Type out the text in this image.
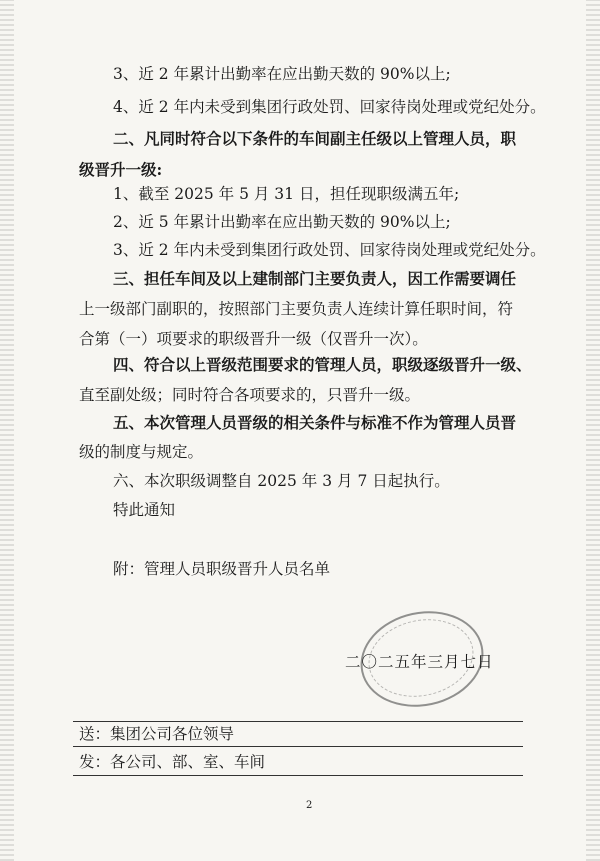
3、近 2 年累计出勤率在应出勤天数的 90%以上;
4、近 2 年内未受到集团行政处罚、回家待岗处理或党纪处分。
二、凡同时符合以下条件的车间副主任级以上管理人员，职
级晋升一级:
1、截至 2025 年 5 月 31 日，担任现职级满五年;
2、近 5 年累计出勤率在应出勤天数的 90%以上;
3、近 2 年内未受到集团行政处罚、回家待岗处理或党纪处分。
三、担任车间及以上建制部门主要负责人，因工作需要调任
上一级部门副职的，按照部门主要负责人连续计算任职时间，符
合第（一）项要求的职级晋升一级（仅晋升一次）。
四、符合以上晋级范围要求的管理人员，职级逐级晋升一级、
直至副处级；同时符合各项要求的，只晋升一级。
五、本次管理人员晋级的相关条件与标准不作为管理人员晋
级的制度与规定。
六、本次职级调整自 2025 年 3 月 7 日起执行。
特此通知
附：管理人员职级晋升人员名单
二〇二五年三月七日
送：集团公司各位领导
发：各公司、部、室、车间
2
